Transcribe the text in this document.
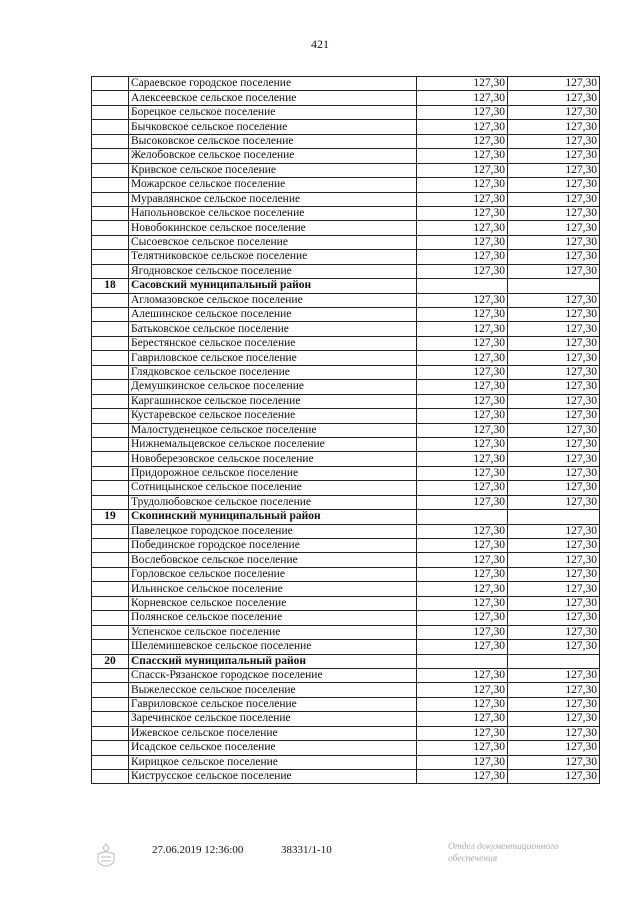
421
	Сараевское городское поселение	127,30	127,30
	Алексеевское сельское поселение	127,30	127,30
	Борецкое сельское поселение	127,30	127,30
	Бычковское сельское поселение	127,30	127,30
	Высоковское сельское поселение	127,30	127,30
	Желобовское сельское поселение	127,30	127,30
	Кривское сельское поселение	127,30	127,30
	Можарское сельское поселение	127,30	127,30
	Муравлянское сельское поселение	127,30	127,30
	Напольновское сельское поселение	127,30	127,30
	Новобокинское сельское поселение	127,30	127,30
	Сысоевское сельское поселение	127,30	127,30
	Телятниковское сельское поселение	127,30	127,30
	Ягодновское сельское поселение	127,30	127,30
18	Сасовский муниципальный район		
	Агломазовское сельское поселение	127,30	127,30
	Алешинское сельское поселение	127,30	127,30
	Батьковское сельское поселение	127,30	127,30
	Берестянское сельское поселение	127,30	127,30
	Гавриловское сельское поселение	127,30	127,30
	Глядковское сельское поселение	127,30	127,30
	Демушкинское сельское поселение	127,30	127,30
	Каргашинское сельское поселение	127,30	127,30
	Кустаревское сельское поселение	127,30	127,30
	Малостуденецкое сельское поселение	127,30	127,30
	Нижнемальцевское сельское поселение	127,30	127,30
	Новоберезовское сельское поселение	127,30	127,30
	Придорожное сельское поселение	127,30	127,30
	Сотницынское сельское поселение	127,30	127,30
	Трудолюбовское сельское поселение	127,30	127,30
19	Скопинский муниципальный район		
	Павелецкое городское поселение	127,30	127,30
	Побединское городское поселение	127,30	127,30
	Вослебовское сельское поселение	127,30	127,30
	Горловское сельское поселение	127,30	127,30
	Ильинское сельское поселение	127,30	127,30
	Корневское сельское поселение	127,30	127,30
	Полянское сельское поселение	127,30	127,30
	Успенское сельское поселение	127,30	127,30
	Шелемишевское сельское поселение	127,30	127,30
20	Спасский муниципальный район		
	Спасск-Рязанское городское поселение	127,30	127,30
	Выжелесское сельское поселение	127,30	127,30
	Гавриловское сельское поселение	127,30	127,30
	Заречинское сельское поселение	127,30	127,30
	Ижевское сельское поселение	127,30	127,30
	Исадское сельское поселение	127,30	127,30
	Кирицкое сельское поселение	127,30	127,30
	Киструсское сельское поселение	127,30	127,30
27.06.2019 12:36:00	38331/1-10	Отдел документационного
обеспечения
